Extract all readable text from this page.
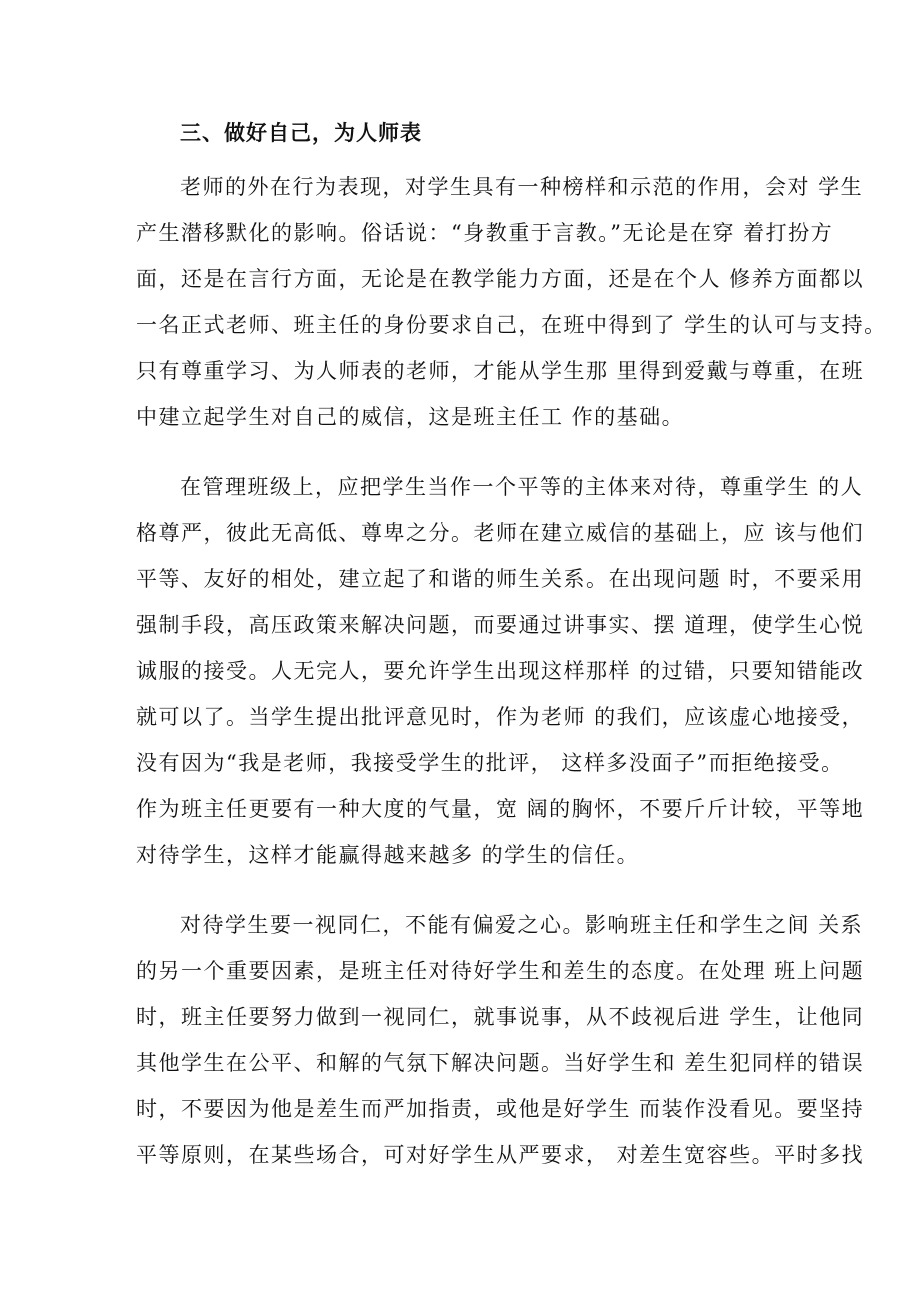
三、做好自己，为人师表
老师的外在行为表现，对学生具有一种榜样和示范的作用，会对 学生
产生潜移默化的影响。俗话说：“身教重于言教。”无论是在穿 着打扮方
面，还是在言行方面，无论是在教学能力方面，还是在个人 修养方面都以
一名正式老师、班主任的身份要求自己，在班中得到了 学生的认可与支持。
只有尊重学习、为人师表的老师，才能从学生那 里得到爱戴与尊重，在班
中建立起学生对自己的威信，这是班主任工 作的基础。
在管理班级上，应把学生当作一个平等的主体来对待，尊重学生 的人
格尊严，彼此无高低、尊卑之分。老师在建立威信的基础上，应 该与他们
平等、友好的相处，建立起了和谐的师生关系。在出现问题 时，不要采用
强制手段，高压政策来解决问题，而要通过讲事实、摆 道理，使学生心悦
诚服的接受。人无完人，要允许学生出现这样那样 的过错，只要知错能改
就可以了。当学生提出批评意见时，作为老师 的我们，应该虚心地接受，
没有因为“我是老师，我接受学生的批评， 这样多没面子”而拒绝接受。
作为班主任更要有一种大度的气量，宽 阔的胸怀，不要斤斤计较，平等地
对待学生，这样才能赢得越来越多 的学生的信任。
对待学生要一视同仁，不能有偏爱之心。影响班主任和学生之间 关系
的另一个重要因素，是班主任对待好学生和差生的态度。在处理 班上问题
时，班主任要努力做到一视同仁，就事说事，从不歧视后进 学生，让他同
其他学生在公平、和解的气氛下解决问题。当好学生和 差生犯同样的错误
时，不要因为他是差生而严加指责，或他是好学生 而装作没看见。要坚持
平等原则，在某些场合，可对好学生从严要求， 对差生宽容些。平时多找
